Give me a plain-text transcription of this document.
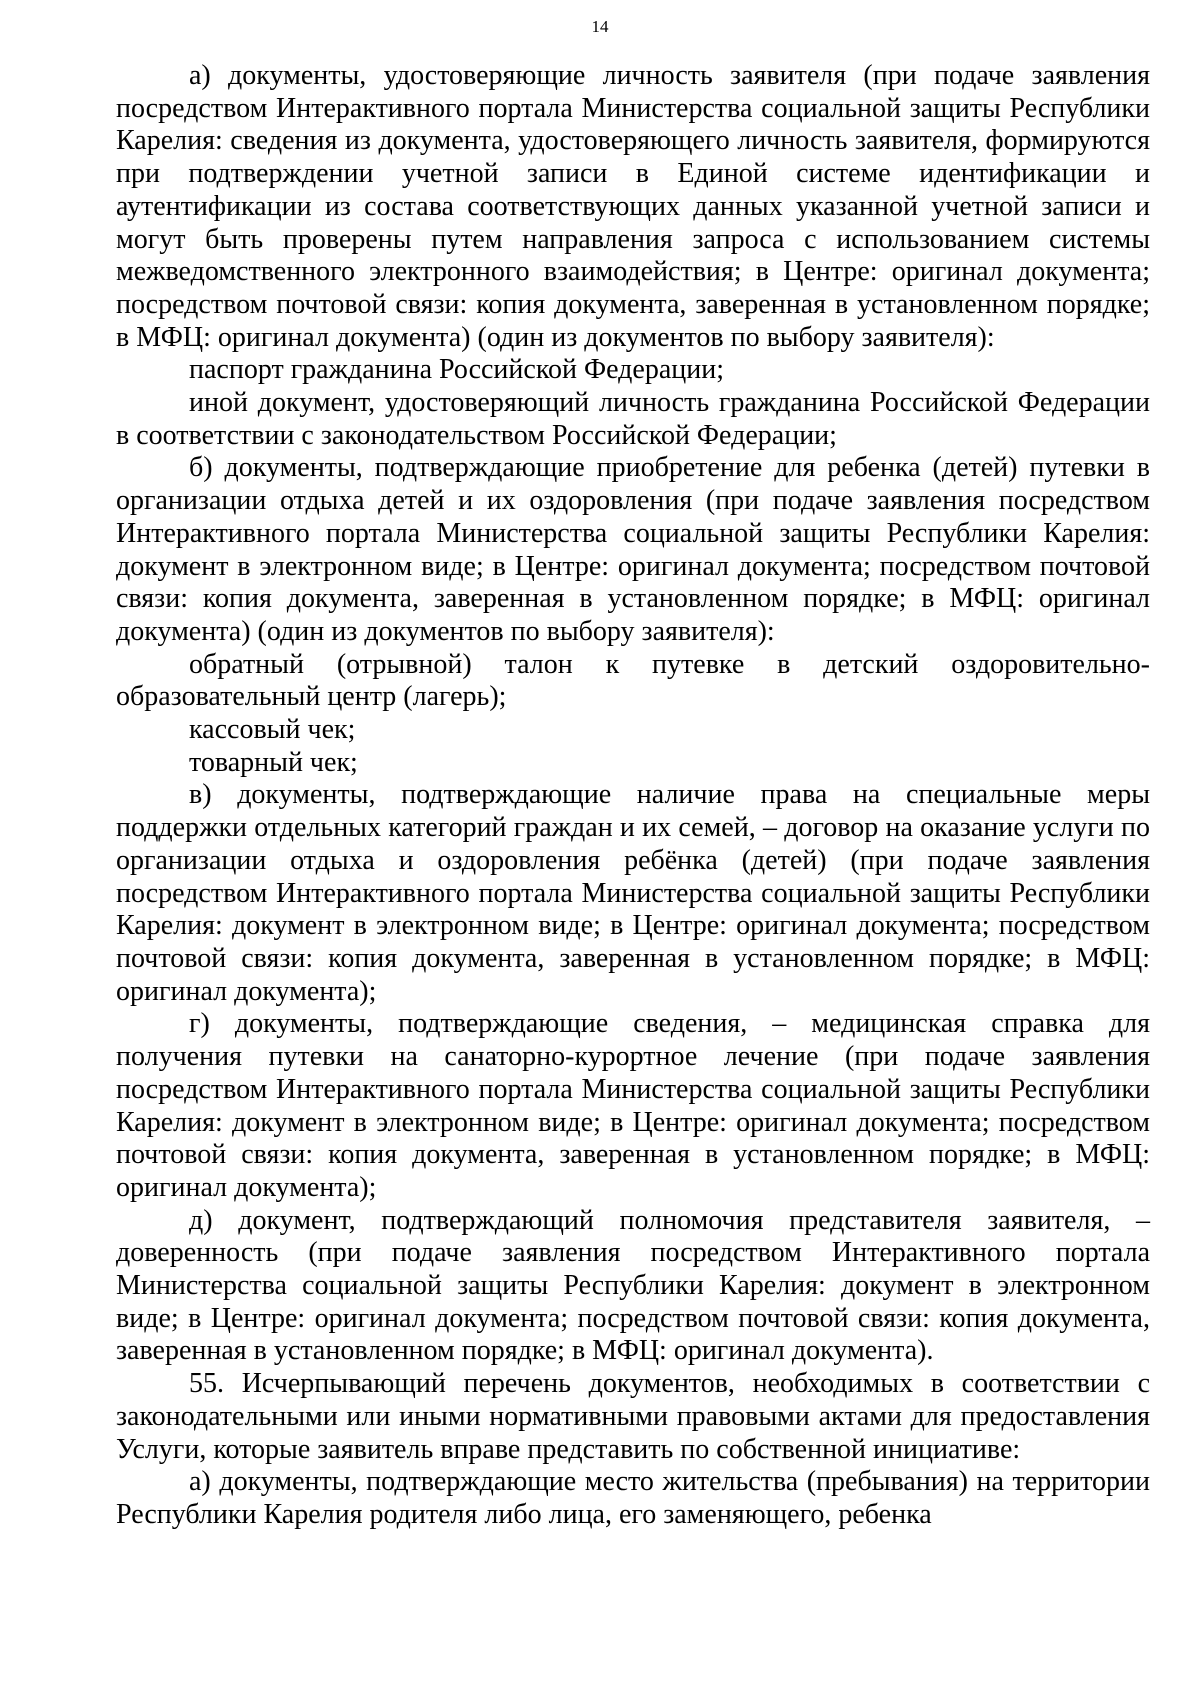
14

а) документы, удостоверяющие личность заявителя (при подаче заявления посредством Интерактивного портала Министерства социальной защиты Республики Карелия: сведения из документа, удостоверяющего личность заявителя, формируются при подтверждении учетной записи в Единой системе идентификации и аутентификации из состава соответствующих данных указанной учетной записи и могут быть проверены путем направления запроса с использованием системы межведомственного электронного взаимодействия; в Центре: оригинал документа; посредством почтовой связи: копия документа, заверенная в установленном порядке; в МФЦ: оригинал документа) (один из документов по выбору заявителя):

паспорт гражданина Российской Федерации;

иной документ, удостоверяющий личность гражданина Российской Федерации в соответствии с законодательством Российской Федерации;

б) документы, подтверждающие приобретение для ребенка (детей) путевки в организации отдыха детей и их оздоровления (при подаче заявления посредством Интерактивного портала Министерства социальной защиты Республики Карелия: документ в электронном виде; в Центре: оригинал документа; посредством почтовой связи: копия документа, заверенная в установленном порядке; в МФЦ: оригинал документа) (один из документов по выбору заявителя):

обратный (отрывной) талон к путевке в детский оздоровительно-образовательный центр (лагерь);

кассовый чек;

товарный чек;

в) документы, подтверждающие наличие права на специальные меры поддержки отдельных категорий граждан и их семей, – договор на оказание услуги по организации отдыха и оздоровления ребёнка (детей) (при подаче заявления посредством Интерактивного портала Министерства социальной защиты Республики Карелия: документ в электронном виде; в Центре: оригинал документа; посредством почтовой связи: копия документа, заверенная в установленном порядке; в МФЦ: оригинал документа);

г) документы, подтверждающие сведения, – медицинская справка для получения путевки на санаторно-курортное лечение (при подаче заявления посредством Интерактивного портала Министерства социальной защиты Республики Карелия: документ в электронном виде; в Центре: оригинал документа; посредством почтовой связи: копия документа, заверенная в установленном порядке; в МФЦ: оригинал документа);

д) документ, подтверждающий полномочия представителя заявителя, – доверенность (при подаче заявления посредством Интерактивного портала Министерства социальной защиты Республики Карелия: документ в электронном виде; в Центре: оригинал документа; посредством почтовой связи: копия документа, заверенная в установленном порядке; в МФЦ: оригинал документа).

55. Исчерпывающий перечень документов, необходимых в соответствии с законодательными или иными нормативными правовыми актами для предоставления Услуги, которые заявитель вправе представить по собственной инициативе:

а) документы, подтверждающие место жительства (пребывания) на территории Республики Карелия родителя либо лица, его заменяющего, ребенка
